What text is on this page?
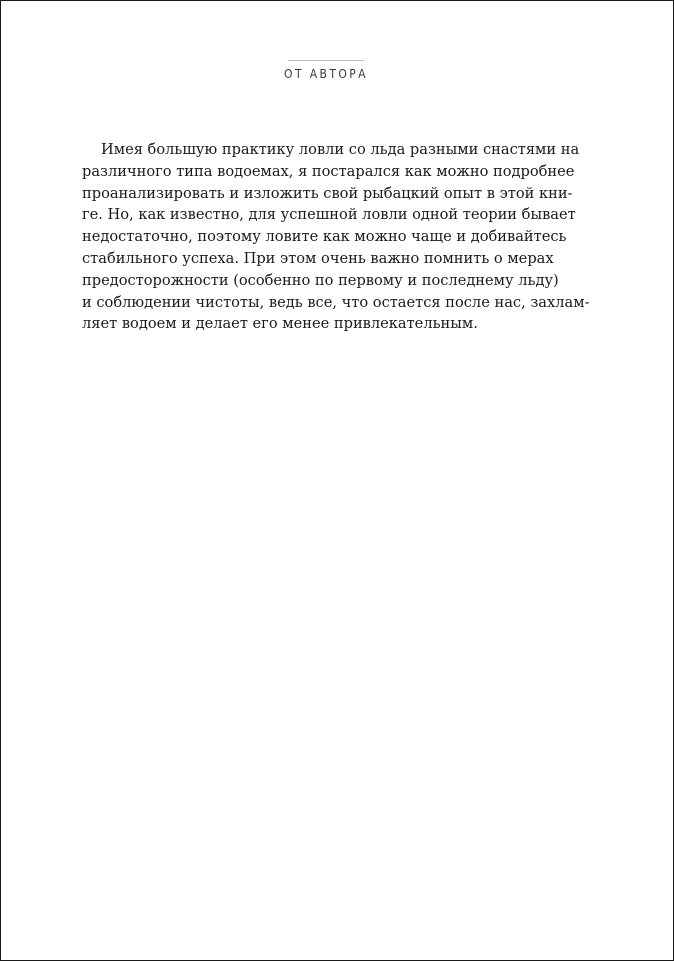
ОТ АВТОРА
Имея большую практику ловли со льда разными снастями на
различного типа водоемах, я постарался как можно подробнее
проанализировать и изложить свой рыбацкий опыт в этой кни-
ге. Но, как известно, для успешной ловли одной теории бывает
недостаточно, поэтому ловите как можно чаще и добивайтесь
стабильного успеха. При этом очень важно помнить о мерах
предосторожности (особенно по первому и последнему льду)
и соблюдении чистоты, ведь все, что остается после нас, захлам-
ляет водоем и делает его менее привлекательным.
